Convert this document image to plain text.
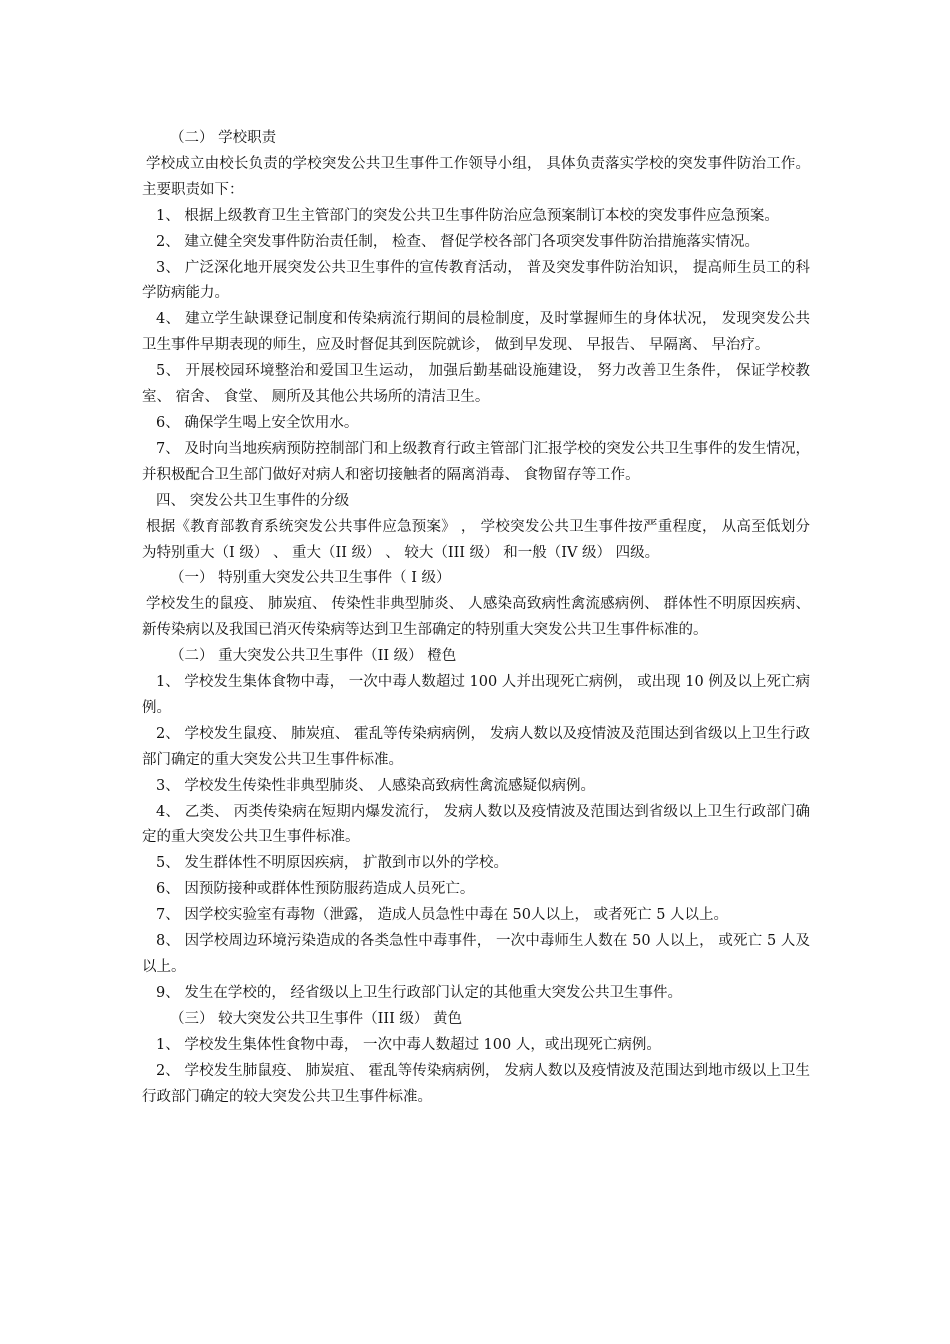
（二） 学校职责

学校成立由校长负责的学校突发公共卫生事件工作领导小组， 具体负责落实学校的突发事件防治工作。 主要职责如下：

1、 根据上级教育卫生主管部门的突发公共卫生事件防治应急预案制订本校的突发事件应急预案。

2、 建立健全突发事件防治责任制， 检查、 督促学校各部门各项突发事件防治措施落实情况。

3、 广泛深化地开展突发公共卫生事件的宣传教育活动， 普及突发事件防治知识， 提高师生员工的科学防病能力。

4、 建立学生缺课登记制度和传染病流行期间的晨检制度，及时掌握师生的身体状况， 发现突发公共卫生事件早期表现的师生，应及时督促其到医院就诊， 做到早发现、 早报告、 早隔离、 早治疗。

5、 开展校园环境整治和爱国卫生运动， 加强后勤基础设施建设， 努力改善卫生条件， 保证学校教室、 宿舍、 食堂、 厕所及其他公共场所的清洁卫生。

6、 确保学生喝上安全饮用水。

7、 及时向当地疾病预防控制部门和上级教育行政主管部门汇报学校的突发公共卫生事件的发生情况， 并积极配合卫生部门做好对病人和密切接触者的隔离消毒、 食物留存等工作。

四、 突发公共卫生事件的分级

根据《教育部教育系统突发公共事件应急预案》 ， 学校突发公共卫生事件按严重程度， 从高至低划分为特别重大（I 级） 、 重大（II 级） 、 较大（III 级） 和一般（IV 级） 四级。

（一） 特别重大突发公共卫生事件（ I 级）

学校发生的鼠疫、 肺炭疽、 传染性非典型肺炎、 人感染高致病性禽流感病例、 群体性不明原因疾病、 新传染病以及我国已消灭传染病等达到卫生部确定的特别重大突发公共卫生事件标准的。

（二） 重大突发公共卫生事件（II 级） 橙色

1、 学校发生集体食物中毒， 一次中毒人数超过 100 人并出现死亡病例， 或出现 10 例及以上死亡病例。

2、 学校发生鼠疫、 肺炭疽、 霍乱等传染病病例， 发病人数以及疫情波及范围达到省级以上卫生行政部门确定的重大突发公共卫生事件标准。

3、 学校发生传染性非典型肺炎、 人感染高致病性禽流感疑似病例。

4、 乙类、 丙类传染病在短期内爆发流行， 发病人数以及疫情波及范围达到省级以上卫生行政部门确定的重大突发公共卫生事件标准。

5、 发生群体性不明原因疾病， 扩散到市以外的学校。

6、 因预防接种或群体性预防服药造成人员死亡。

7、 因学校实验室有毒物（泄露， 造成人员急性中毒在 50人以上， 或者死亡 5 人以上。

8、 因学校周边环境污染造成的各类急性中毒事件， 一次中毒师生人数在 50 人以上， 或死亡 5 人及以上。

9、 发生在学校的， 经省级以上卫生行政部门认定的其他重大突发公共卫生事件。

（三） 较大突发公共卫生事件（III 级） 黄色

1、 学校发生集体性食物中毒， 一次中毒人数超过 100 人，或出现死亡病例。

2、 学校发生肺鼠疫、 肺炭疽、 霍乱等传染病病例， 发病人数以及疫情波及范围达到地市级以上卫生行政部门确定的较大突发公共卫生事件标准。
